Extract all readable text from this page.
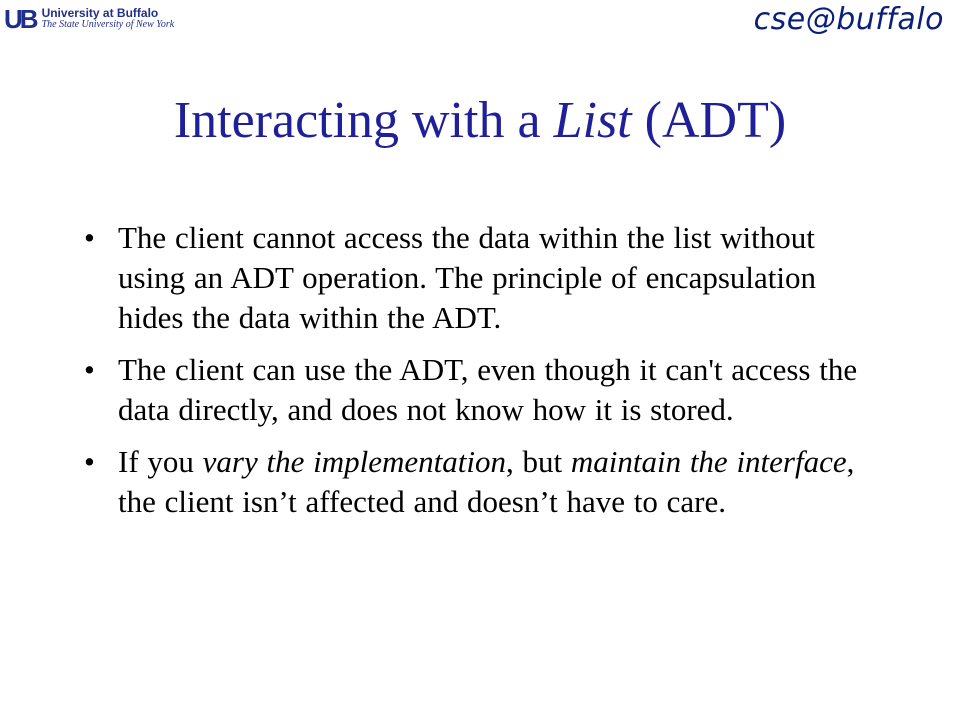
UB University at Buffalo
The State University of New York	cse@buffalo
Interacting with a List (ADT)
• The client cannot access the data within the list without using an ADT operation. The principle of encapsulation hides the data within the ADT.
• The client can use the ADT, even though it can't access the data directly, and does not know how it is stored.
• If you vary the implementation, but maintain the interface, the client isn’t affected and doesn’t have to care.
